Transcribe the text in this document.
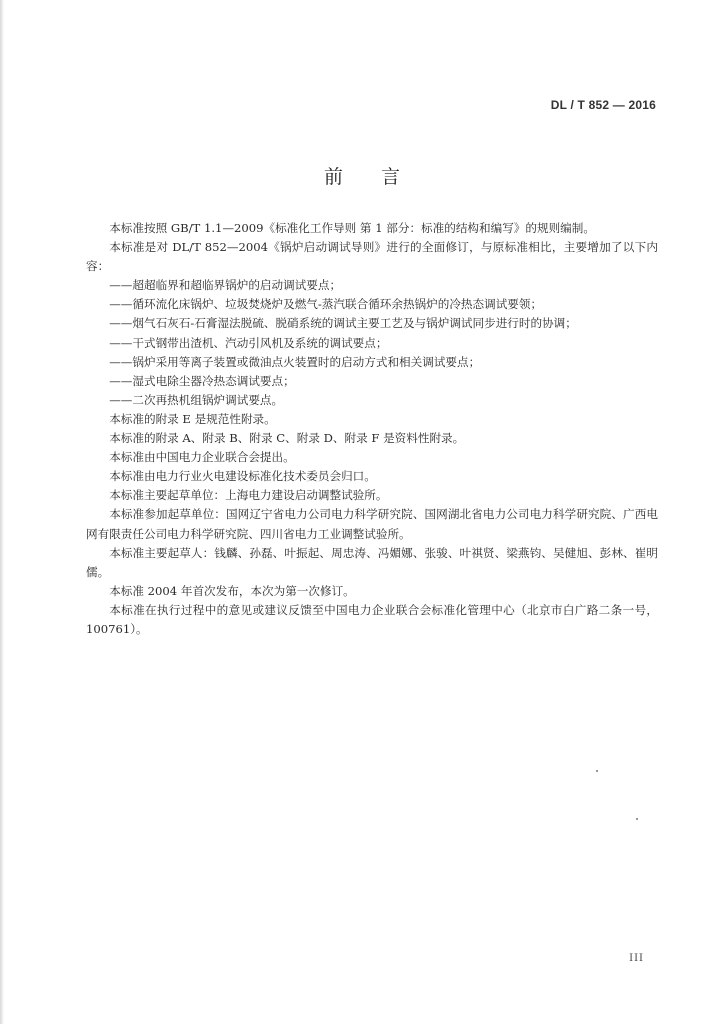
DL / T 852 — 2016
前言

本标准按照 GB/T 1.1—2009《标准化工作导则 第 1 部分：标准的结构和编写》的规则编制。

本标准是对 DL/T 852—2004《锅炉启动调试导则》进行的全面修订，与原标准相比，主要增加了以下内容：

——超超临界和超临界锅炉的启动调试要点；

——循环流化床锅炉、垃圾焚烧炉及燃气-蒸汽联合循环余热锅炉的冷热态调试要领；

——烟气石灰石-石膏湿法脱硫、脱硝系统的调试主要工艺及与锅炉调试同步进行时的协调；

——干式钢带出渣机、汽动引风机及系统的调试要点；

——锅炉采用等离子装置或微油点火装置时的启动方式和相关调试要点；

——湿式电除尘器冷热态调试要点；

——二次再热机组锅炉调试要点。

本标准的附录 E 是规范性附录。

本标准的附录 A、附录 B、附录 C、附录 D、附录 F 是资料性附录。

本标准由中国电力企业联合会提出。

本标准由电力行业火电建设标准化技术委员会归口。

本标准主要起草单位：上海电力建设启动调整试验所。

本标准参加起草单位：国网辽宁省电力公司电力科学研究院、国网湖北省电力公司电力科学研究院、广西电网有限责任公司电力科学研究院、四川省电力工业调整试验所。

本标准主要起草人：钱麟、孙磊、叶振起、周忠涛、冯媚娜、张骏、叶祺贤、梁燕钧、吴健旭、彭林、崔明儒。

本标准 2004 年首次发布，本次为第一次修订。

本标准在执行过程中的意见或建议反馈至中国电力企业联合会标准化管理中心（北京市白广路二条一号，100761）。

III
